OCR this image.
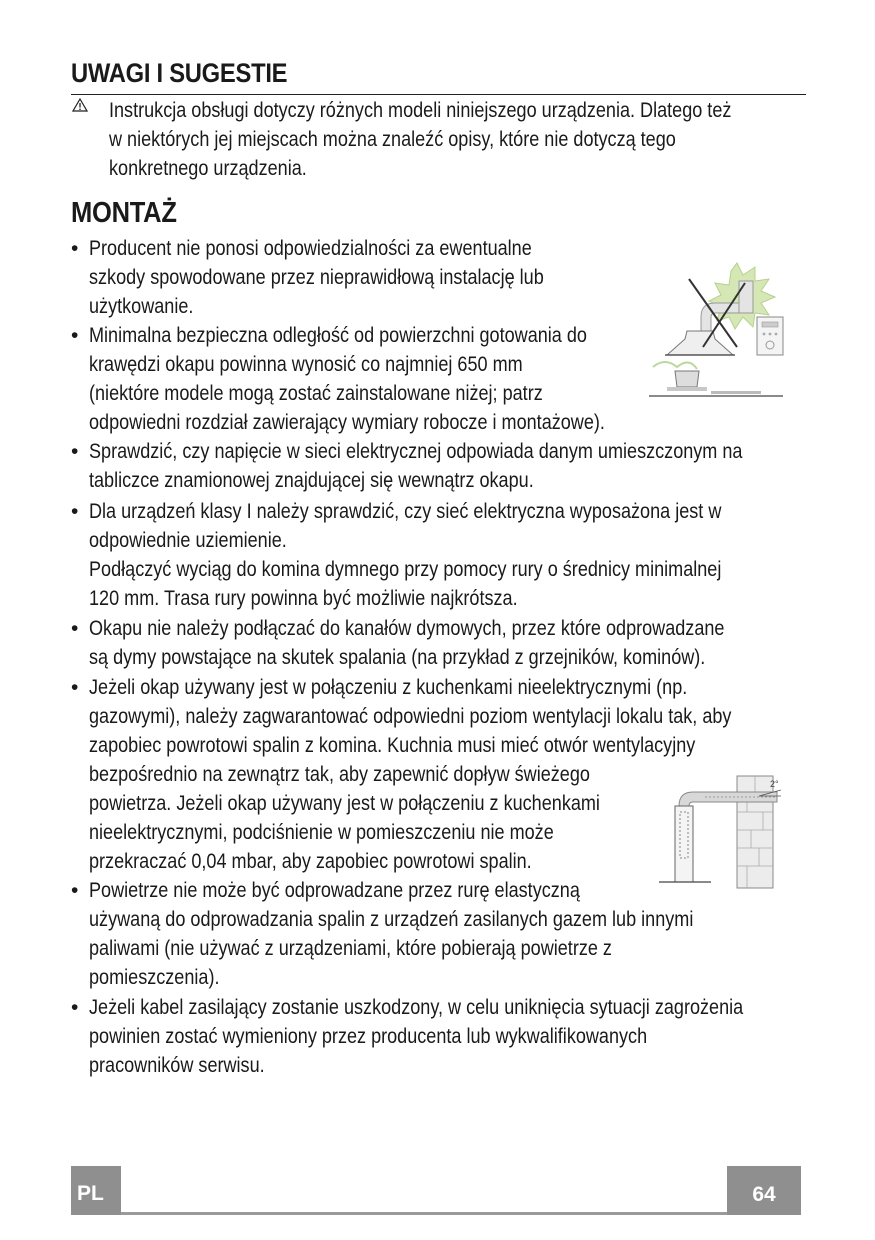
UWAGI I SUGESTIE

Instrukcja obsługi dotyczy różnych modeli niniejszego urządzenia. Dlatego też
w niektórych jej miejscach można znaleźć opisy, które nie dotyczą tego
konkretnego urządzenia.

MONTAŻ
• Producent nie ponosi odpowiedzialności za ewentualne
szkody spowodowane przez nieprawidłową instalację lub
użytkowanie.

• Minimalna bezpieczna odległość od powierzchni gotowania do
krawędzi okapu powinna wynosić co najmniej 650 mm
(niektóre modele mogą zostać zainstalowane niżej; patrz
odpowiedni rozdział zawierający wymiary robocze i montażowe).

• Sprawdzić, czy napięcie w sieci elektrycznej odpowiada danym umieszczonym na
tabliczce znamionowej znajdującej się wewnątrz okapu.

• Dla urządzeń klasy I należy sprawdzić, czy sieć elektryczna wyposażona jest w
odpowiednie uziemienie.
Podłączyć wyciąg do komina dymnego przy pomocy rury o średnicy minimalnej
120 mm. Trasa rury powinna być możliwie najkrótsza.

• Okapu nie należy podłączać do kanałów dymowych, przez które odprowadzane
są dymy powstające na skutek spalania (na przykład z grzejników, kominów).

• Jeżeli okap używany jest w połączeniu z kuchenkami nieelektrycznymi (np.
gazowymi), należy zagwarantować odpowiedni poziom wentylacji lokalu tak, aby
zapobiec powrotowi spalin z komina. Kuchnia musi mieć otwór wentylacyjny
bezpośrednio na zewnątrz tak, aby zapewnić dopływ świeżego
powietrza. Jeżeli okap używany jest w połączeniu z kuchenkami
nieelektrycznymi, podciśnienie w pomieszczeniu nie może
przekraczać 0,04 mbar, aby zapobiec powrotowi spalin.

• Powietrze nie może być odprowadzane przez rurę elastyczną
używaną do odprowadzania spalin z urządzeń zasilanych gazem lub innymi
paliwami (nie używać z urządzeniami, które pobierają powietrze z
pomieszczenia).

• Jeżeli kabel zasilający zostanie uszkodzony, w celu uniknięcia sytuacji zagrożenia
powinien zostać wymieniony przez producenta lub wykwalifikowanych
pracowników serwisu.

2°
PL	64
